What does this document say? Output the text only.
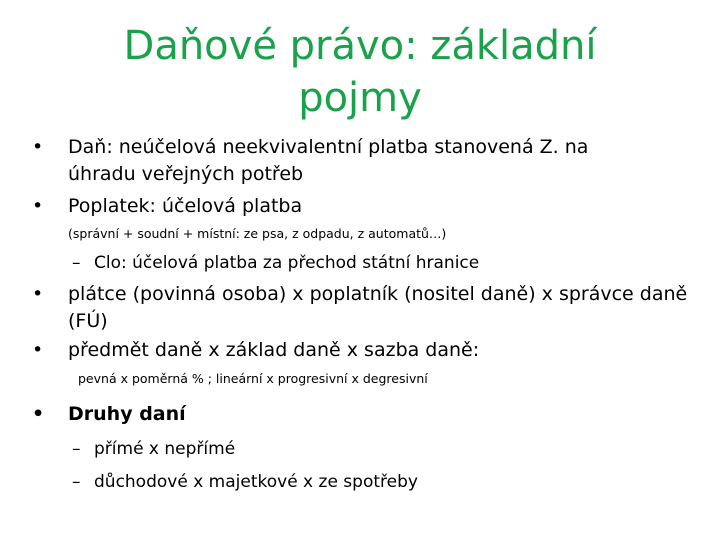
Daňové právo: základní
pojmy
• Daň: neúčelová neekvivalentní platba stanovená Z. na
úhradu veřejných potřeb
• Poplatek: účelová platba
(správní + soudní + místní: ze psa, z odpadu, z automatů…)
– Clo: účelová platba za přechod státní hranice
• plátce (povinná osoba) x poplatník (nositel daně) x správce daně (FÚ)
• předmět daně x základ daně x sazba daně:
pevná x poměrná % ; lineární x progresivní x degresivní
• Druhy daní
– přímé x nepřímé
– důchodové x majetkové x ze spotřeby
